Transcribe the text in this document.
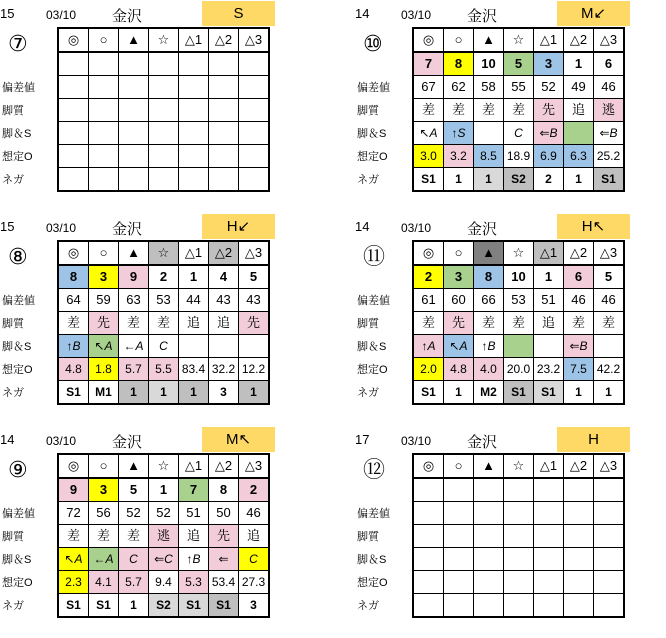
03/10 金沢
15	S
⑦
偏差値
脚質
脚＆S
想定O
ネガ
◎	○	▲	☆	△1	△2	△3

03/10 金沢
14	M↙
⑩
偏差値
脚質
脚＆S
想定O
ネガ
◎	○	▲	☆	△1	△2	△3
7	8	10	5	3	1	6
67	62	58	55	52	49	46
差	差	差	差	先	追	逃
↖A	↑S		C	⇐B		⇐B
3.0	3.2	8.5	18.9	6.9	6.3	25.2
S1	1	1	S2	2	1	S1
03/10 金沢
15	H↙
⑧
偏差値
脚質
脚＆S
想定O
ネガ
◎	○	▲	☆	△1	△2	△3
8	3	9	2	1	4	5
64	59	63	53	44	43	43
差	先	差	差	追	追	先
↑B	↖A	←A	C			
4.8	1.8	5.7	5.5	83.4	32.2	12.2
S1	M1	1	1	1	3	1
03/10 金沢
14	H↖
⑪
偏差値
脚質
脚＆S
想定O
ネガ
◎	○	▲	☆	△1	△2	△3
2	3	8	10	1	6	5
61	60	66	53	51	46	46
差	先	差	差	追	差	差
↑A	↖A	↑B			⇐B	
2.0	4.8	4.0	20.0	23.2	7.5	42.2
S1	1	M2	S1	S1	1	1
03/10 金沢
14	M↖
⑨
偏差値
脚質
脚＆S
想定O
ネガ
◎	○	▲	☆	△1	△2	△3
9	3	5	1	7	8	2
72	56	52	52	51	50	46
差	差	差	逃	追	先	追
↖A	←A	C	⇐C	↑B	⇐	C
2.3	4.1	5.7	9.4	5.3	53.4	27.3
S1	S1	1	S2	S1	S1	3
03/10 金沢
17	H
⑫
偏差値
脚質
脚＆S
想定O
ネガ
◎	○	▲	☆	△1	△2	△3
